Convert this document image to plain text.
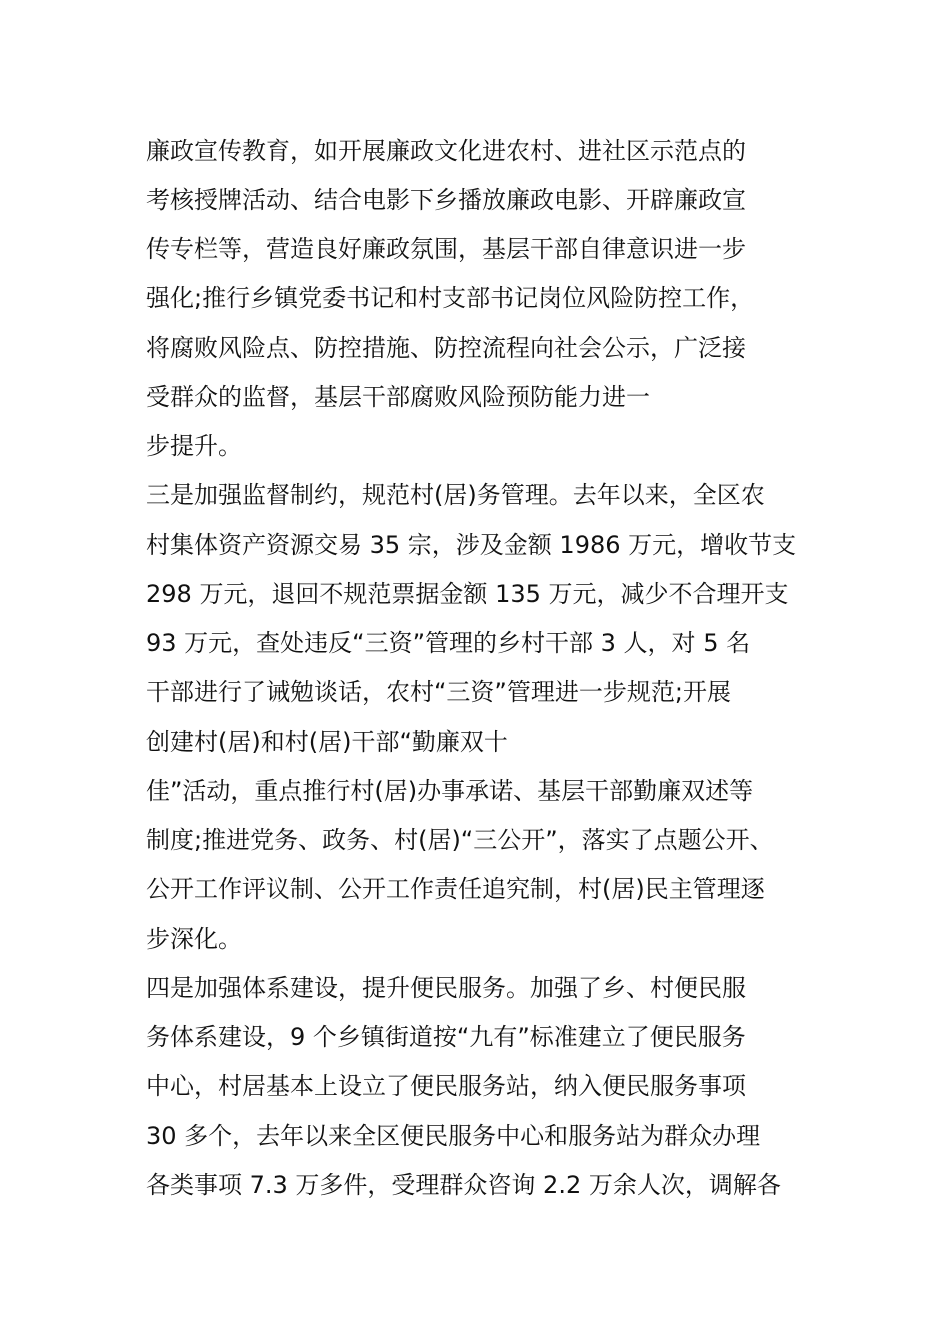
廉政宣传教育，如开展廉政文化进农村、进社区示范点的
考核授牌活动、结合电影下乡播放廉政电影、开辟廉政宣
传专栏等，营造良好廉政氛围，基层干部自律意识进一步
强化;推行乡镇党委书记和村支部书记岗位风险防控工作，
将腐败风险点、防控措施、防控流程向社会公示，广泛接
受群众的监督，基层干部腐败风险预防能力进一
步提升。
三是加强监督制约，规范村(居)务管理。去年以来，全区农
村集体资产资源交易 35 宗，涉及金额 1986 万元，增收节支
298 万元，退回不规范票据金额 135 万元，减少不合理开支
93 万元，查处违反“三资”管理的乡村干部 3 人，对 5 名
干部进行了诫勉谈话，农村“三资”管理进一步规范;开展
创建村(居)和村(居)干部“勤廉双十
佳”活动，重点推行村(居)办事承诺、基层干部勤廉双述等
制度;推进党务、政务、村(居)“三公开”，落实了点题公开、
公开工作评议制、公开工作责任追究制，村(居)民主管理逐
步深化。
四是加强体系建设，提升便民服务。加强了乡、村便民服
务体系建设，9 个乡镇街道按“九有”标准建立了便民服务
中心，村居基本上设立了便民服务站，纳入便民服务事项
30 多个，去年以来全区便民服务中心和服务站为群众办理
各类事项 7.3 万多件，受理群众咨询 2.2 万余人次，调解各
